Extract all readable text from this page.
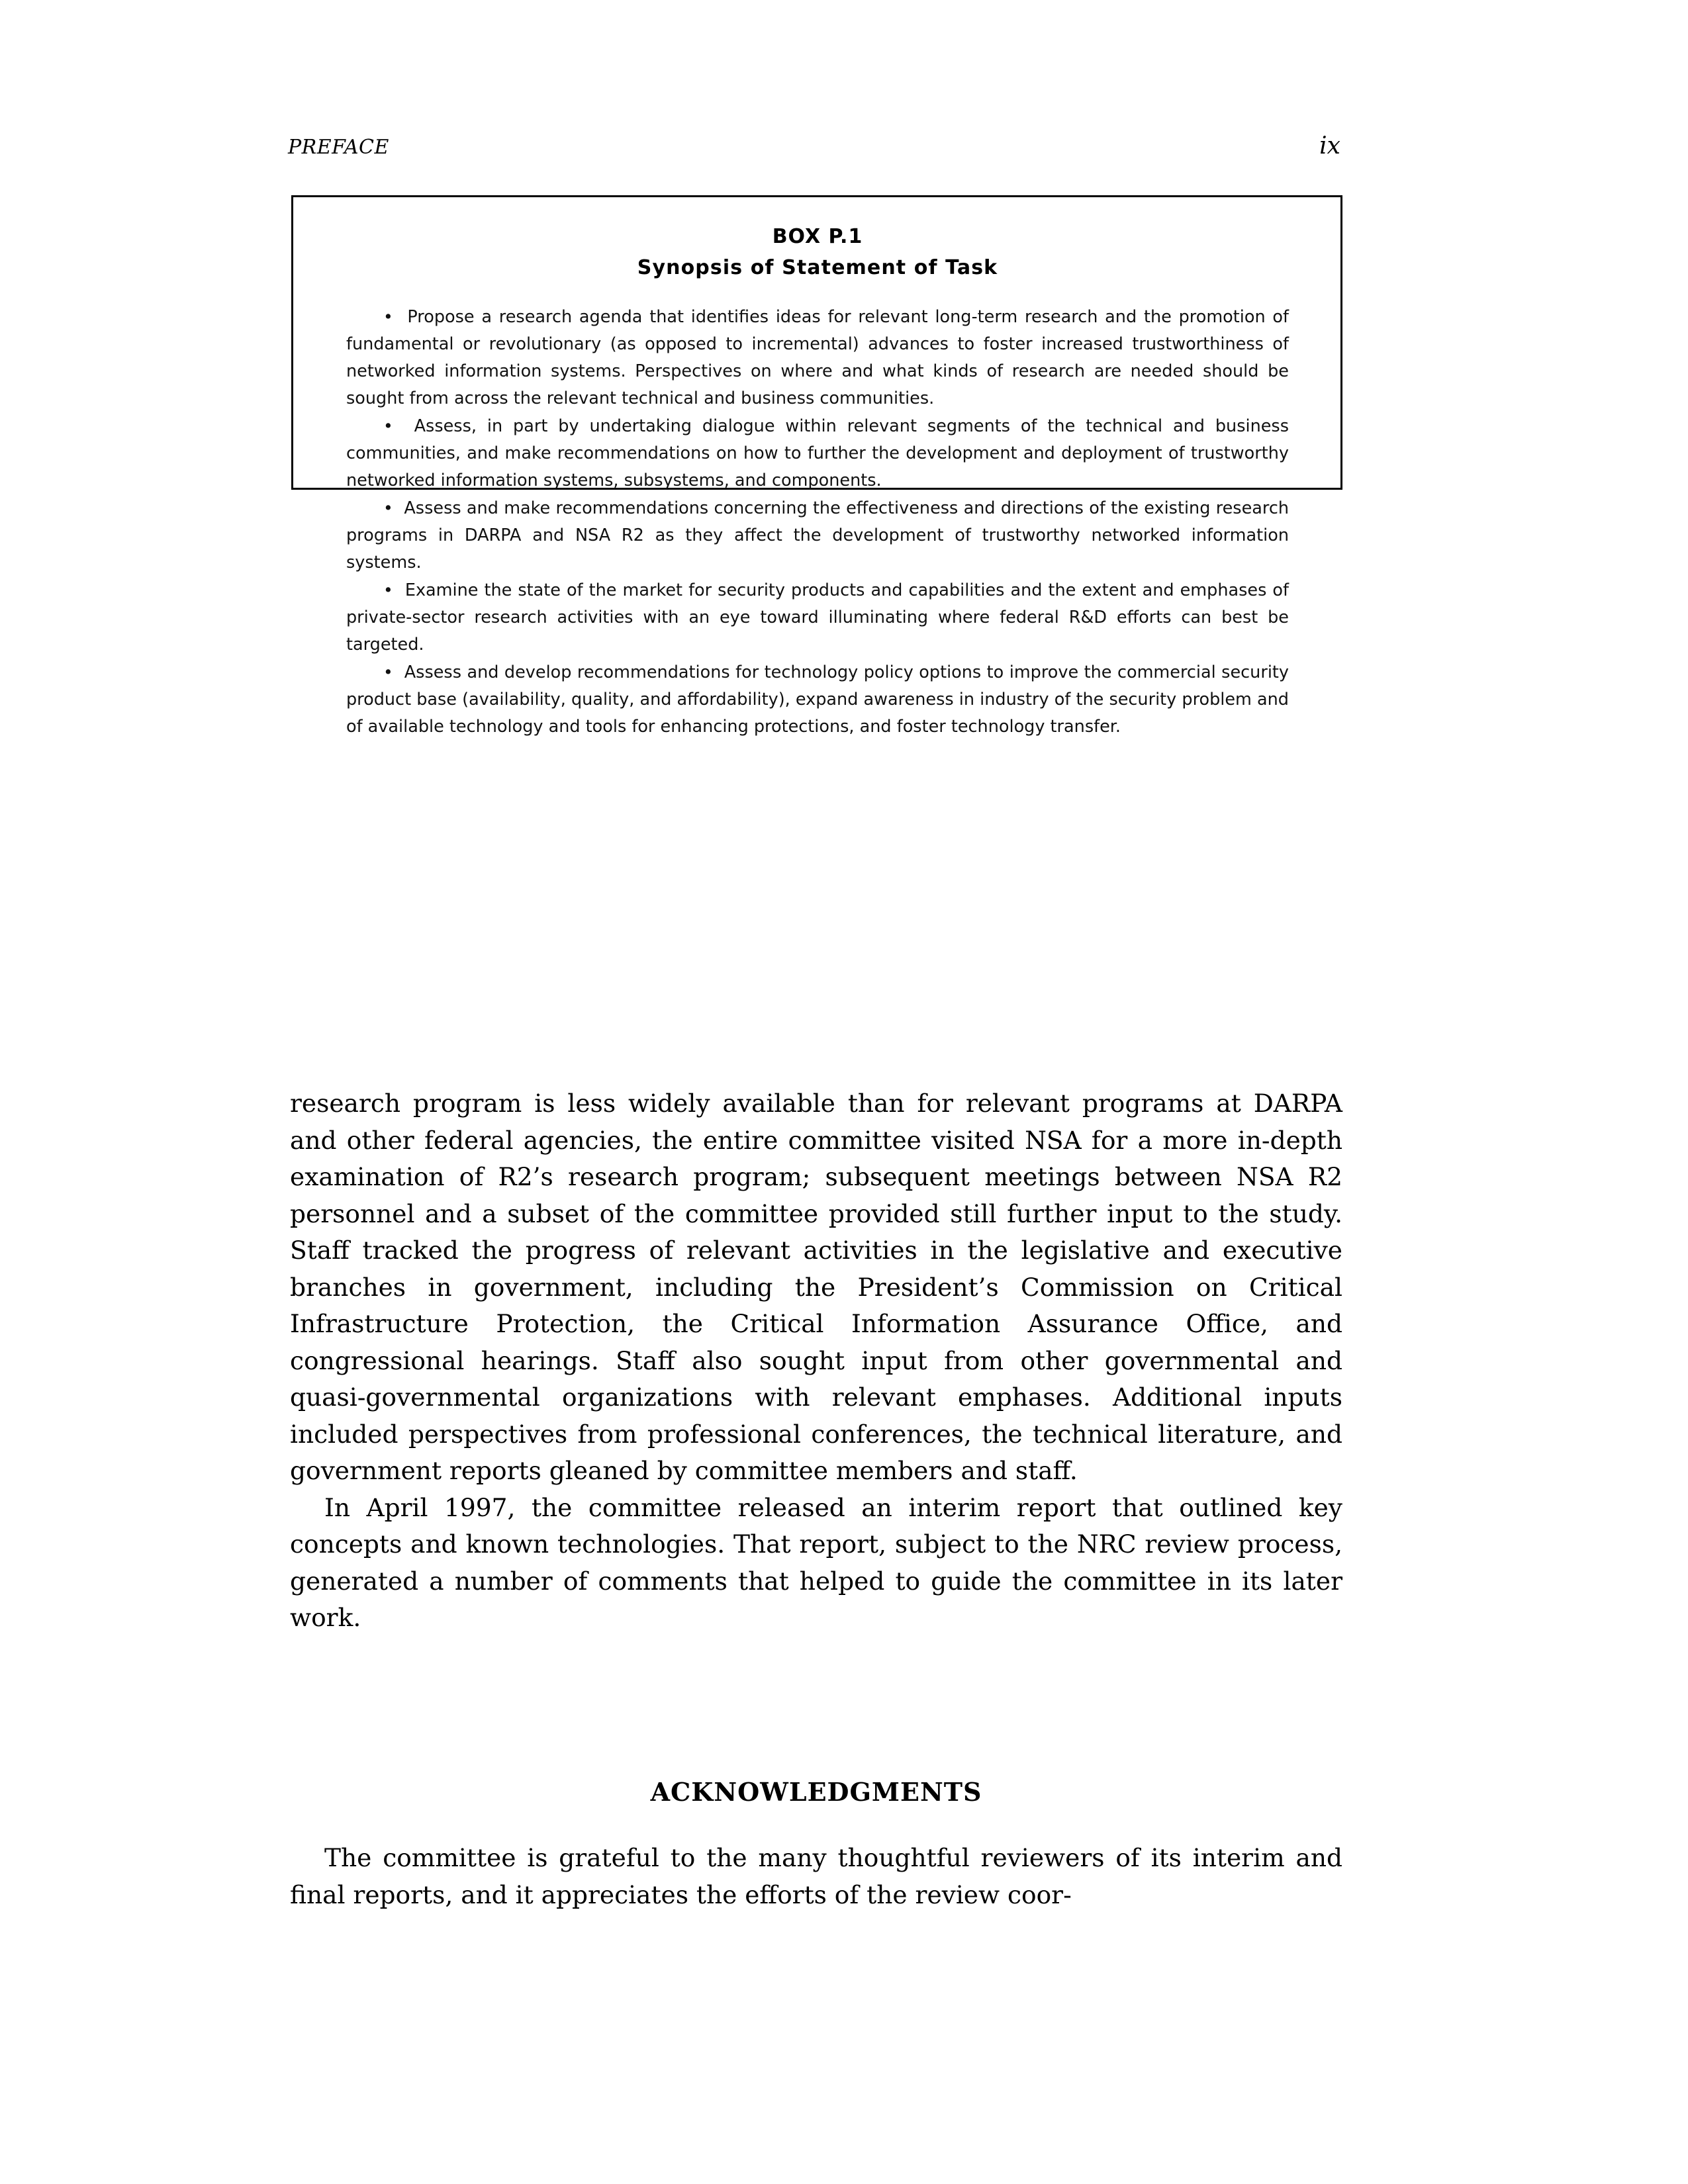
PREFACE	ix
BOX P.1
Synopsis of Statement of Task

• Propose a research agenda that identifies ideas for relevant long-term research and the promotion of fundamental or revolutionary (as opposed to incremental) advances to foster increased trustworthiness of networked information systems. Perspectives on where and what kinds of research are needed should be sought from across the relevant technical and business communities.

• Assess, in part by undertaking dialogue within relevant segments of the technical and business communities, and make recommendations on how to further the development and deployment of trustworthy networked information systems, subsystems, and components.

• Assess and make recommendations concerning the effectiveness and directions of the existing research programs in DARPA and NSA R2 as they affect the development of trustworthy networked information systems.

• Examine the state of the market for security products and capabilities and the extent and emphases of private-sector research activities with an eye toward illuminating where federal R&D efforts can best be targeted.

• Assess and develop recommendations for technology policy options to improve the commercial security product base (availability, quality, and affordability), expand awareness in industry of the security problem and of available technology and tools for enhancing protections, and foster technology transfer.

research program is less widely available than for relevant programs at DARPA and other federal agencies, the entire committee visited NSA for a more in-depth examination of R2’s research program; subsequent meetings between NSA R2 personnel and a subset of the committee provided still further input to the study. Staff tracked the progress of relevant activities in the legislative and executive branches in government, including the President’s Commission on Critical Infrastructure Protection, the Critical Information Assurance Office, and congressional hearings. Staff also sought input from other governmental and quasi-governmental organizations with relevant emphases. Additional inputs included perspectives from professional conferences, the technical literature, and government reports gleaned by committee members and staff.

In April 1997, the committee released an interim report that outlined key concepts and known technologies. That report, subject to the NRC review process, generated a number of comments that helped to guide the committee in its later work.

ACKNOWLEDGMENTS

The committee is grateful to the many thoughtful reviewers of its interim and final reports, and it appreciates the efforts of the review coor-
